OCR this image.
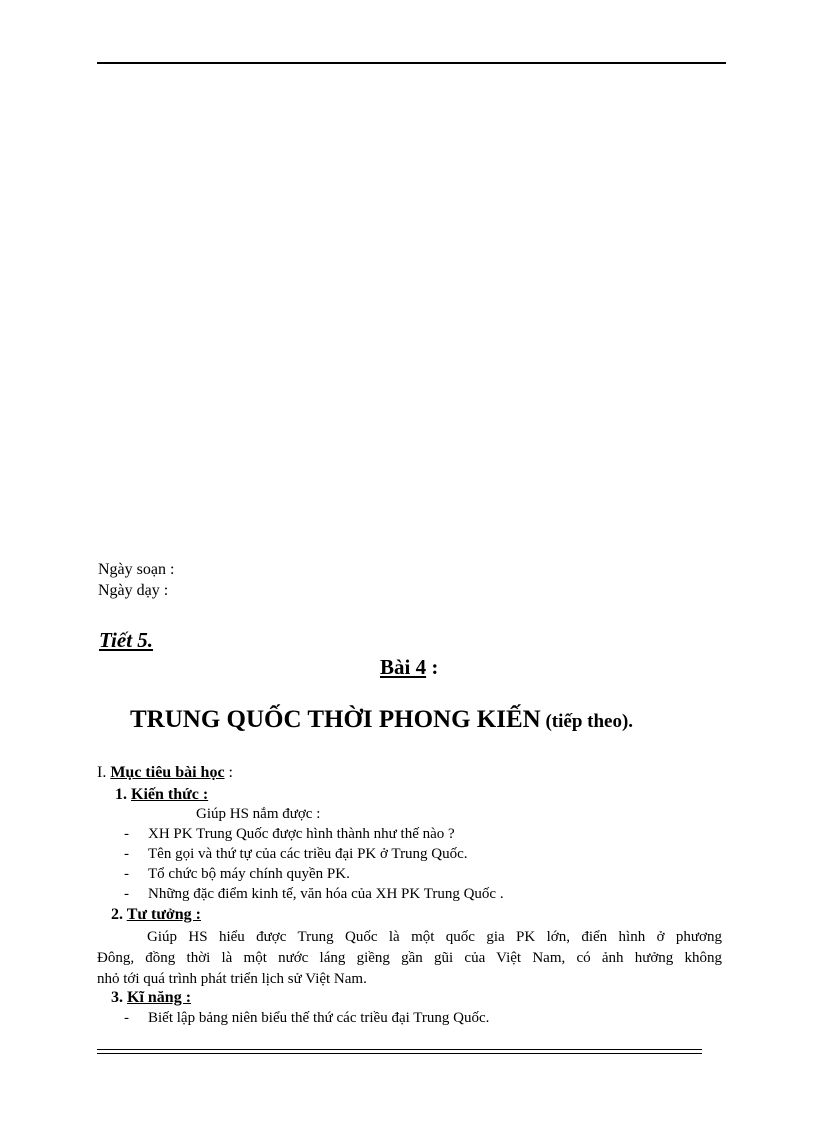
Ngày soạn :
Ngày dạy :
Tiết 5.
Bài 4 :
TRUNG QUỐC THỜI PHONG KIẾN (tiếp theo).
I. Mục tiêu bài học :
1. Kiến thức :
Giúp HS nắm được :
- XH PK Trung Quốc được hình thành như thế nào ?
- Tên gọi và thứ tự của các triều đại PK ở Trung Quốc.
- Tổ chức bộ máy chính quyền PK.
- Những đặc điểm kinh tế, văn hóa của XH PK Trung Quốc .
2. Tư tưởng :
Giúp HS hiểu được Trung Quốc là một quốc gia PK lớn, điển hình ở phương
Đông, đồng thời là một nước láng giềng gần gũi của Việt Nam, có ảnh hưởng không
nhỏ tới quá trình phát triển lịch sử Việt Nam.
3. Kĩ năng :
- Biết lập bảng niên biểu thế thứ các triều đại Trung Quốc.
